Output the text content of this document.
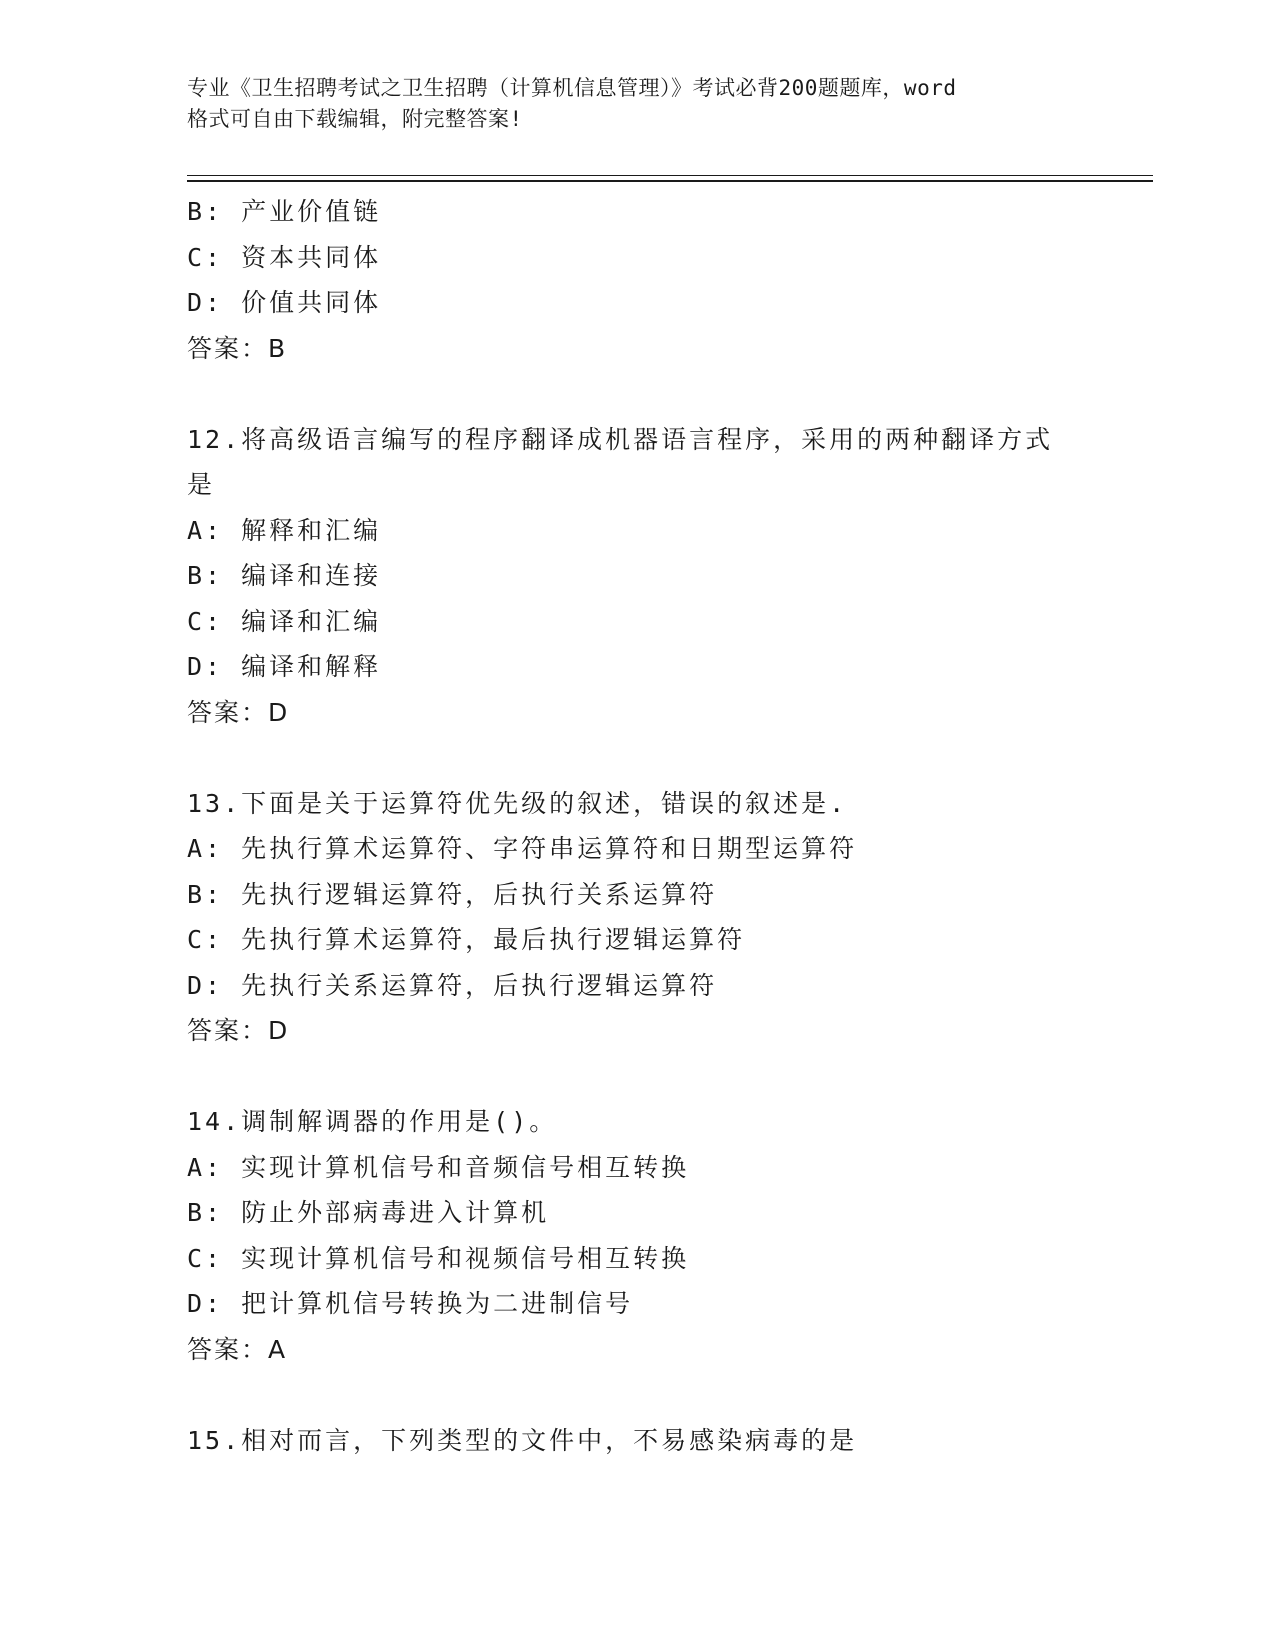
专业《卫生招聘考试之卫生招聘（计算机信息管理）》考试必背200题题库，word
格式可自由下载编辑，附完整答案!
B: 产业价值链
C: 资本共同体
D: 价值共同体
答案：B
12.将高级语言编写的程序翻译成机器语言程序，采用的两种翻译方式
是
A: 解释和汇编
B: 编译和连接
C: 编译和汇编
D: 编译和解释
答案：D
13.下面是关于运算符优先级的叙述，错误的叙述是.
A: 先执行算术运算符、字符串运算符和日期型运算符
B: 先执行逻辑运算符，后执行关系运算符
C: 先执行算术运算符，最后执行逻辑运算符
D: 先执行关系运算符，后执行逻辑运算符
答案：D
14.调制解调器的作用是()。
A: 实现计算机信号和音频信号相互转换
B: 防止外部病毒进入计算机
C: 实现计算机信号和视频信号相互转换
D: 把计算机信号转换为二进制信号
答案：A
15.相对而言，下列类型的文件中，不易感染病毒的是
